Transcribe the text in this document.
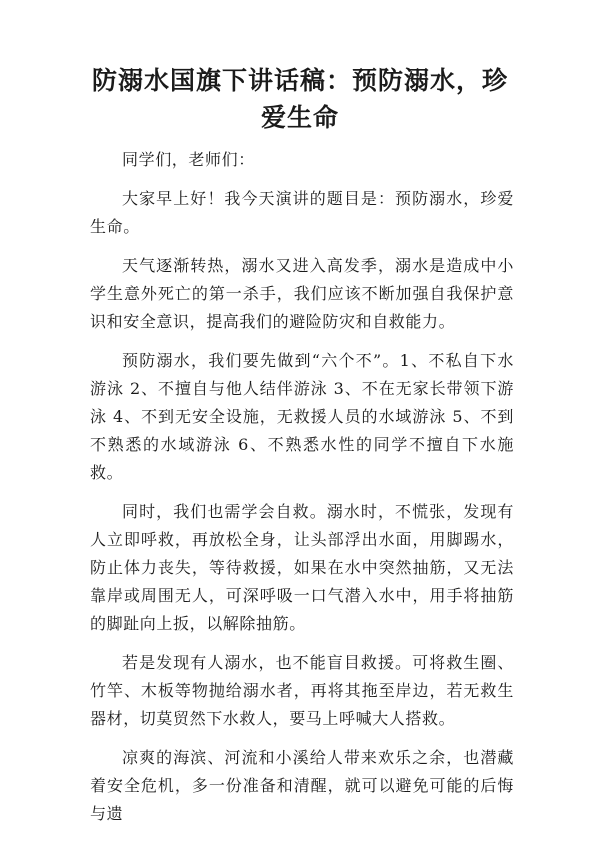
防溺水国旗下讲话稿：预防溺水，珍爱生命

同学们，老师们：

大家早上好！我今天演讲的题目是：预防溺水，珍爱生命。

天气逐渐转热，溺水又进入高发季，溺水是造成中小学生意外死亡的第一杀手，我们应该不断加强自我保护意识和安全意识，提高我们的避险防灾和自救能力。

预防溺水，我们要先做到“六个不”。1、不私自下水游泳 2、不擅自与他人结伴游泳 3、不在无家长带领下游泳 4、不到无安全设施，无救援人员的水域游泳 5、不到不熟悉的水域游泳 6、不熟悉水性的同学不擅自下水施救。

同时，我们也需学会自救。溺水时，不慌张，发现有人立即呼救，再放松全身，让头部浮出水面，用脚踢水，防止体力丧失，等待救援，如果在水中突然抽筋，又无法靠岸或周围无人，可深呼吸一口气潜入水中，用手将抽筋的脚趾向上扳，以解除抽筋。

若是发现有人溺水，也不能盲目救援。可将救生圈、竹竿、木板等物抛给溺水者，再将其拖至岸边，若无救生器材，切莫贸然下水救人，要马上呼喊大人搭救。

凉爽的海滨、河流和小溪给人带来欢乐之余，也潜藏着安全危机，多一份准备和清醒，就可以避免可能的后悔与遗
